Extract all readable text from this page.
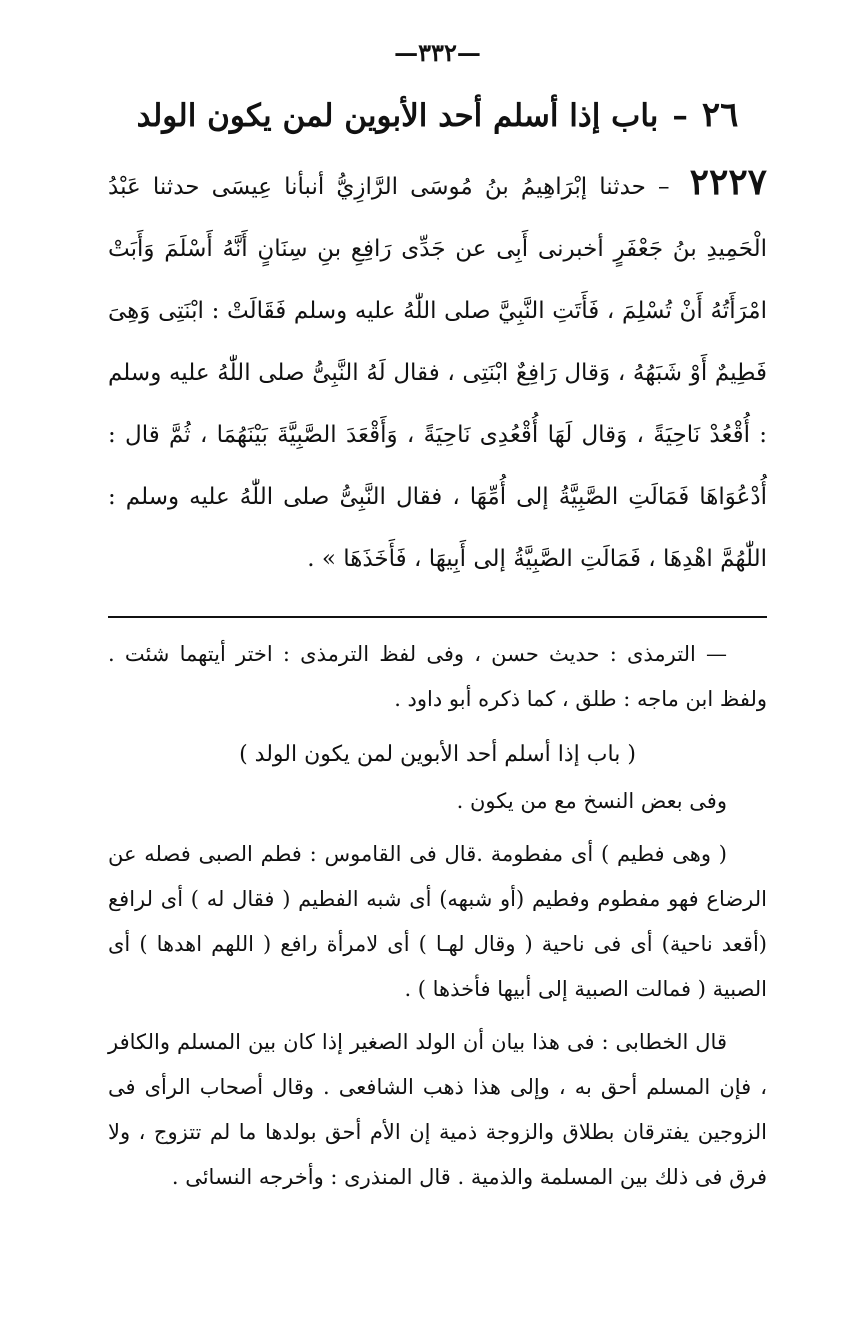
—٣٣٢—
٢٦
–
باب إذا أسلم أحد الأبوين لمن يكون الولد

٢٢٢٧ – حدثنا إبْرَاهِيمُ بنُ مُوسَى الرَّازِيُّ أنبأنا عِيسَى حدثنا عَبْدُ الْحَمِيدِ بنُ جَعْفَرٍ أخبرنى أَبِى عن جَدِّى رَافِعِ بنِ سِنَانٍ أَنَّهُ أَسْلَمَ وَأَبَتْ امْرَأَتُهُ أَنْ تُسْلِمَ ، فَأَتَتِ النَّبِيَّ صلى اللّٰهُ عليه وسلم فَقَالَتْ : ابْنَتِى وَهِىَ فَطِيمٌ أَوْ شَبَهُهُ ، وَقال رَافِعٌ ابْنَتِى ، فقال لَهُ النَّبِىُّ صلى اللّٰهُ عليه وسلم : أُقْعُدْ نَاحِيَةً ، وَقال لَهَا أُقْعُدِى نَاحِيَةً ، وَأَقْعَدَ الصَّبِيَّةَ بَيْنَهُمَا ، ثُمَّ قال : أُدْعُوَاهَا فَمَالَتِ الصَّبِيَّةُ إلى أُمِّهَا ، فقال النَّبِىُّ صلى اللّٰهُ عليه وسلم : اللّٰهُمَّ اهْدِهَا ، فَمَالَتِ الصَّبِيَّةُ إلى أَبِيهَا ، فَأَخَذَهَا » .

— الترمذى : حديث حسن ، وفى لفظ الترمذى : اختر أيتهما شئت . ولفظ ابن ماجه : طلق ، كما ذكره أبو داود .

( باب إذا أسلم أحد الأبوين لمن يكون الولد )

وفى بعض النسخ مع من يكون .

( وهى فطيم ) أى مفطومة .قال فى القاموس : فطم الصبى فصله عن الرضاع فهو مفطوم وفطيم (أو شبهه) أى شبه الفطيم ( فقال له ) أى لرافع (أقعد ناحية) أى فى ناحية ( وقال لهـا ) أى لامرأة رافع ( اللهم اهدها ) أى الصبية ( فمالت الصبية إلى أبيها فأخذها ) .

قال الخطابى : فى هذا بيان أن الولد الصغير إذا كان بين المسلم والكافر ، فإن المسلم أحق به ، وإلى هذا ذهب الشافعى . وقال أصحاب الرأى فى الزوجين يفترقان بطلاق والزوجة ذمية إن الأم أحق بولدها ما لم تتزوج ، ولا فرق فى ذلك بين المسلمة والذمية . قال المنذرى : وأخرجه النسائى .
